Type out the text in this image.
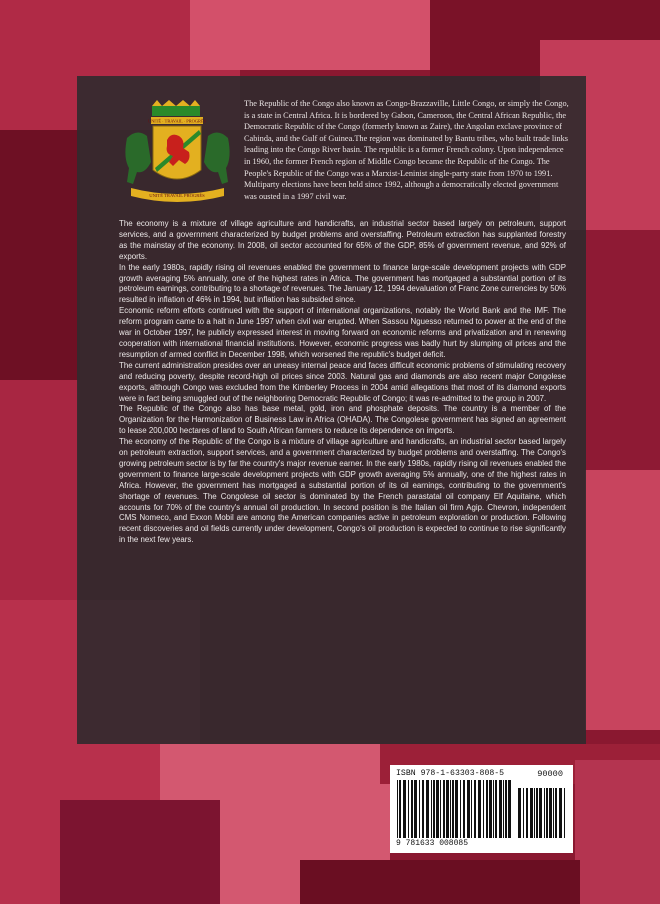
UNITÉ · TRAVAIL · PROGRÈS
UNITÉ TRAVAIL PROGRÈS

The Republic of the Congo also known as Congo-Brazzaville, Little Congo, or simply the Congo, is a state in Central Africa. It is bordered by Gabon, Cameroon, the Central African Republic, the Democratic Republic of the Congo (formerly known as Zaire), the Angolan exclave province of Cabinda, and the Gulf of Guinea.The region was dominated by Bantu tribes, who built trade links leading into the Congo River basin. The republic is a former French colony. Upon independence in 1960, the former French region of Middle Congo became the Republic of the Congo. The People's Republic of the Congo was a Marxist-Leninist single-party state from 1970 to 1991. Multiparty elections have been held since 1992, although a democratically elected government was ousted in a 1997 civil war.

The economy is a mixture of village agriculture and handicrafts, an industrial sector based largely on petroleum, support services, and a government characterized by budget problems and overstaffing. Petroleum extraction has supplanted forestry as the mainstay of the economy. In 2008, oil sector accounted for 65% of the GDP, 85% of government revenue, and 92% of exports.

In the early 1980s, rapidly rising oil revenues enabled the government to finance large-scale development projects with GDP growth averaging 5% annually, one of the highest rates in Africa. The government has mortgaged a substantial portion of its petroleum earnings, contributing to a shortage of revenues. The January 12, 1994 devaluation of Franc Zone currencies by 50% resulted in inflation of 46% in 1994, but inflation has subsided since.

Economic reform efforts continued with the support of international organizations, notably the World Bank and the IMF. The reform program came to a halt in June 1997 when civil war erupted. When Sassou Nguesso returned to power at the end of the war in October 1997, he publicly expressed interest in moving forward on economic reforms and privatization and in renewing cooperation with international financial institutions. However, economic progress was badly hurt by slumping oil prices and the resumption of armed conflict in December 1998, which worsened the republic's budget deficit.

The current administration presides over an uneasy internal peace and faces difficult economic problems of stimulating recovery and reducing poverty, despite record-high oil prices since 2003. Natural gas and diamonds are also recent major Congolese exports, although Congo was excluded from the Kimberley Process in 2004 amid allegations that most of its diamond exports were in fact being smuggled out of the neighboring Democratic Republic of Congo; it was re-admitted to the group in 2007.

The Republic of the Congo also has base metal, gold, iron and phosphate deposits. The country is a member of the Organization for the Harmonization of Business Law in Africa (OHADA). The Congolese government has signed an agreement to lease 200,000 hectares of land to South African farmers to reduce its dependence on imports.

The economy of the Republic of the Congo is a mixture of village agriculture and handicrafts, an industrial sector based largely on petroleum extraction, support services, and a government characterized by budget problems and overstaffing. The Congo's growing petroleum sector is by far the country's major revenue earner. In the early 1980s, rapidly rising oil revenues enabled the government to finance large-scale development projects with GDP growth averaging 5% annually, one of the highest rates in Africa. However, the government has mortgaged a substantial portion of its oil earnings, contributing to the government's shortage of revenues. The Congolese oil sector is dominated by the French parastatal oil company Elf Aquitaine, which accounts for 70% of the country's annual oil production. In second position is the Italian oil firm Agip. Chevron, independent CMS Nomeco, and Exxon Mobil are among the American companies active in petroleum exploration or production. Following recent discoveries and oil fields currently under development, Congo's oil production is expected to continue to rise significantly in the next few years.

ISBN 978-1-63303-808-5	90000
9 781633 008085
